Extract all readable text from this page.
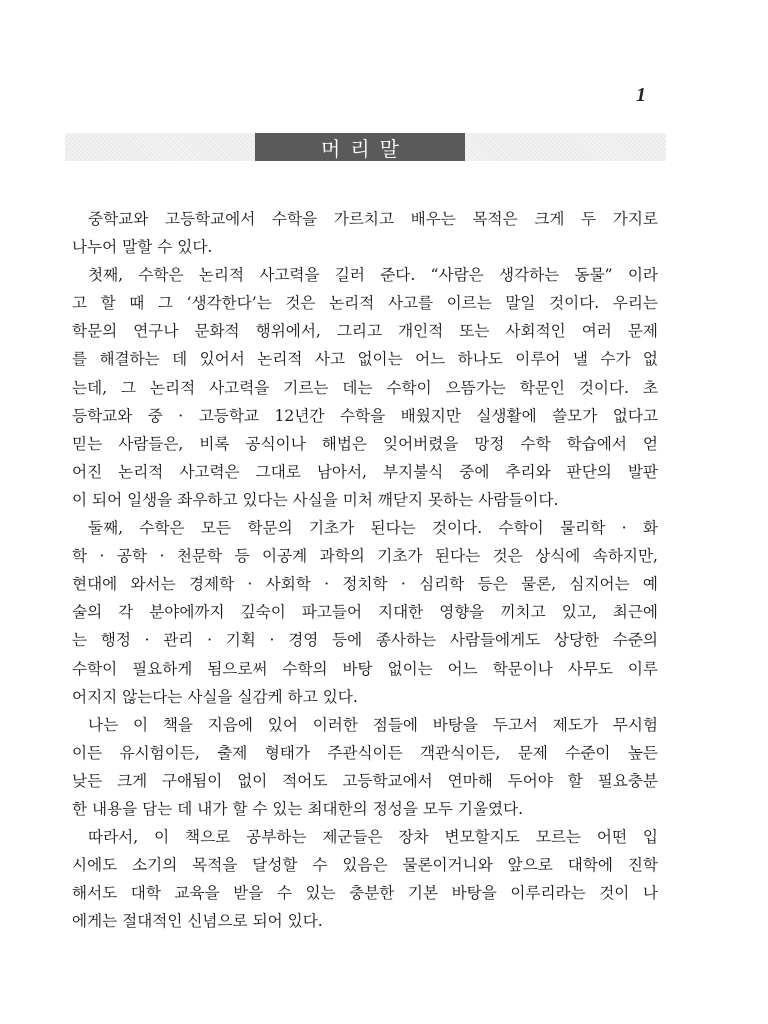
1
머리말
중학교와 고등학교에서 수학을 가르치고 배우는 목적은 크게 두 가지로
나누어 말할 수 있다.
첫째, 수학은 논리적 사고력을 길러 준다. “사람은 생각하는 동물” 이라
고 할 때 그 ‘생각한다’는 것은 논리적 사고를 이르는 말일 것이다. 우리는
학문의 연구나 문화적 행위에서, 그리고 개인적 또는 사회적인 여러 문제
를 해결하는 데 있어서 논리적 사고 없이는 어느 하나도 이루어 낼 수가 없
는데, 그 논리적 사고력을 기르는 데는 수학이 으뜸가는 학문인 것이다. 초
등학교와 중 · 고등학교 12년간 수학을 배웠지만 실생활에 쓸모가 없다고
믿는 사람들은, 비록 공식이나 해법은 잊어버렸을 망정 수학 학습에서 얻
어진 논리적 사고력은 그대로 남아서, 부지불식 중에 추리와 판단의 발판
이 되어 일생을 좌우하고 있다는 사실을 미처 깨닫지 못하는 사람들이다.
둘째, 수학은 모든 학문의 기초가 된다는 것이다. 수학이 물리학 · 화
학 · 공학 · 천문학 등 이공계 과학의 기초가 된다는 것은 상식에 속하지만,
현대에 와서는 경제학 · 사회학 · 정치학 · 심리학 등은 물론, 심지어는 예
술의 각 분야에까지 깊숙이 파고들어 지대한 영향을 끼치고 있고, 최근에
는 행정 · 관리 · 기획 · 경영 등에 종사하는 사람들에게도 상당한 수준의
수학이 필요하게 됨으로써 수학의 바탕 없이는 어느 학문이나 사무도 이루
어지지 않는다는 사실을 실감케 하고 있다.
나는 이 책을 지음에 있어 이러한 점들에 바탕을 두고서 제도가 무시험
이든 유시험이든, 출제 형태가 주관식이든 객관식이든, 문제 수준이 높든
낮든 크게 구애됨이 없이 적어도 고등학교에서 연마해 두어야 할 필요충분
한 내용을 담는 데 내가 할 수 있는 최대한의 정성을 모두 기울였다.
따라서, 이 책으로 공부하는 제군들은 장차 변모할지도 모르는 어떤 입
시에도 소기의 목적을 달성할 수 있음은 물론이거니와 앞으로 대학에 진학
해서도 대학 교육을 받을 수 있는 충분한 기본 바탕을 이루리라는 것이 나
에게는 절대적인 신념으로 되어 있다.
